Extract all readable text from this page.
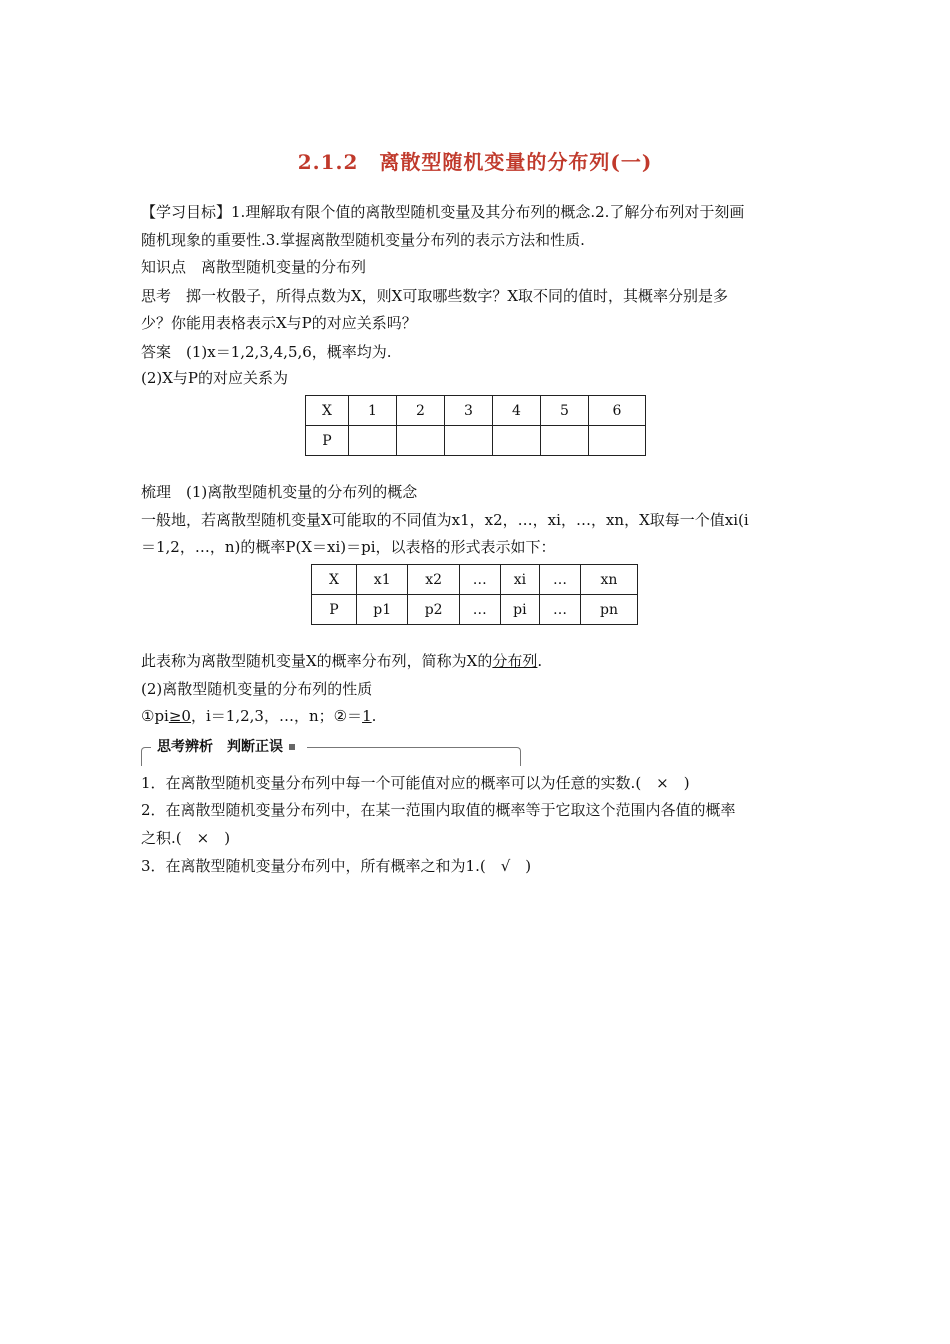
2.1.2　离散型随机变量的分布列(一)
【学习目标】1.理解取有限个值的离散型随机变量及其分布列的概念.2.了解分布列对于刻画
随机现象的重要性.3.掌握离散型随机变量分布列的表示方法和性质.
知识点　离散型随机变量的分布列
思考　掷一枚骰子，所得点数为X，则X可取哪些数字？X取不同的值时，其概率分别是多
少？你能用表格表示X与P的对应关系吗？
答案　(1)x＝1,2,3,4,5,6，概率均为.
(2)X与P的对应关系为
X	1	2	3	4	5	6
P						
梳理　(1)离散型随机变量的分布列的概念
一般地，若离散型随机变量X可能取的不同值为x1，x2，…，xi，…，xn，X取每一个值xi(i
＝1,2，…，n)的概率P(X＝xi)＝pi，以表格的形式表示如下：
X	x1	x2	…	xi	…	xn
P	p1	p2	…	pi	…	pn
此表称为离散型随机变量X的概率分布列，简称为X的分布列.
(2)离散型随机变量的分布列的性质
①pi≥0，i＝1,2,3，…，n；②＝1.
思考辨析　 判断正误
1．在离散型随机变量分布列中每一个可能值对应的概率可以为任意的实数.(　×　)
2．在离散型随机变量分布列中，在某一范围内取值的概率等于它取这个范围内各值的概率
之积.(　×　)
3．在离散型随机变量分布列中，所有概率之和为1.(　√　)
